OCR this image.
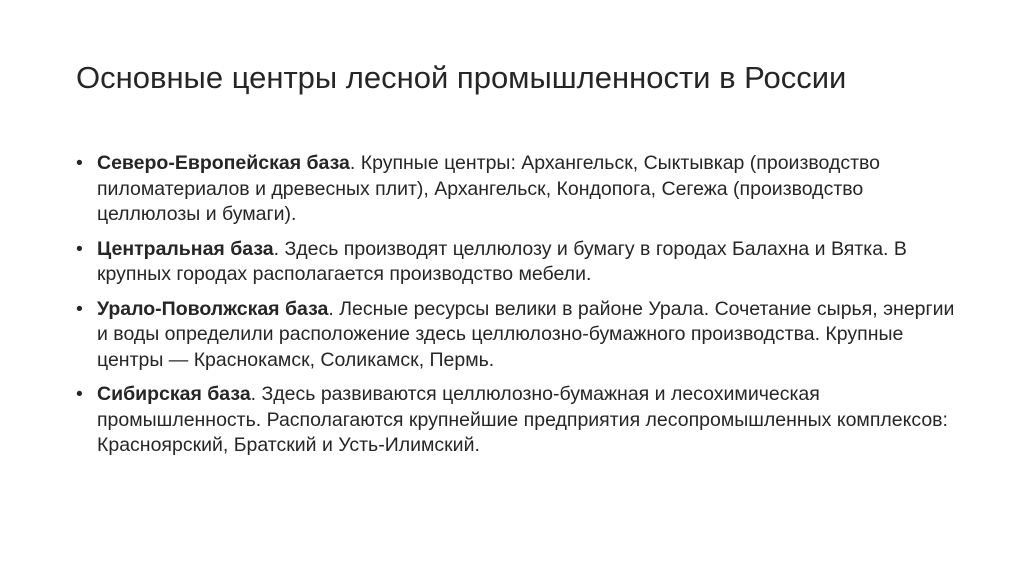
Основные центры лесной промышленности в России
• Северо-Европейская база. Крупные центры: Архангельск, Сыктывкар (производство пиломатериалов и древесных плит), Архангельск, Кондопога, Сегежа (производство целлюлозы и бумаги).
• Центральная база. Здесь производят целлюлозу и бумагу в городах Балахна и Вятка. В крупных городах располагается производство мебели.
• Урало-Поволжская база. Лесные ресурсы велики в районе Урала. Сочетание сырья, энергии и воды определили расположение здесь целлюлозно-бумажного производства. Крупные центры — Краснокамск, Соликамск, Пермь.
• Сибирская база. Здесь развиваются целлюлозно-бумажная и лесохимическая промышленность. Располагаются крупнейшие предприятия лесопромышленных комплексов: Красноярский, Братский и Усть-Илимский.
